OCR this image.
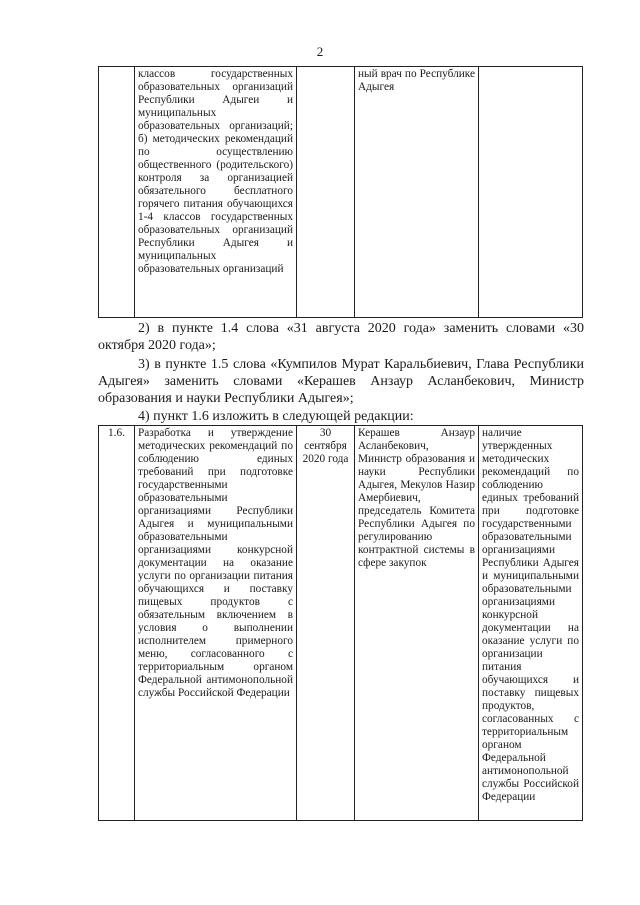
2
	классов государственных образовательных организаций Республики Адыгеи и муниципальных образовательных организаций; б) методических рекомендаций по осуществлению общественного (родительского) контроля за организацией обязательного бесплатного горячего питания обучающихся 1-4 классов государственных образовательных организаций Республики Адыгея и муниципальных образовательных организаций		ный врач по Республике Адыгея	

2) в пункте 1.4 слова «31 августа 2020 года» заменить словами «30 октября 2020 года»;

3) в пункте 1.5 слова «Кумпилов Мурат Каральбиевич, Глава Республики Адыгея» заменить словами «Керашев Анзаур Асланбекович, Министр образования и науки Республики Адыгея»;

4) пункт 1.6 изложить в следующей редакции:

1.6.	Разработка и утверждение методических рекомендаций по соблюдению единых требований при подготовке государственными образовательными организациями Республики Адыгея и муниципальными образовательными организациями конкурсной документации на оказание услуги по организации питания обучающихся и поставку пищевых продуктов с обязательным включением в условия о выполнении исполнителем примерного меню, согласованного с территориальным органом Федеральной антимонопольной службы Российской Федерации	30 сентября 2020 года	Керашев Анзаур Асланбекович, Министр образования и науки Республики Адыгея, Мекулов Назир Амербиевич, председатель Комитета Республики Адыгея по регулированию контрактной системы в сфере закупок	наличие утвержденных методических рекомендаций по соблюдению единых требований при подготовке государственными образовательными организациями Республики Адыгея и муниципальными образовательными организациями конкурсной документации на оказание услуги по организации питания обучающихся и поставку пищевых продуктов, согласованных с территориальным органом Федеральной антимонопольной службы Российской Федерации
